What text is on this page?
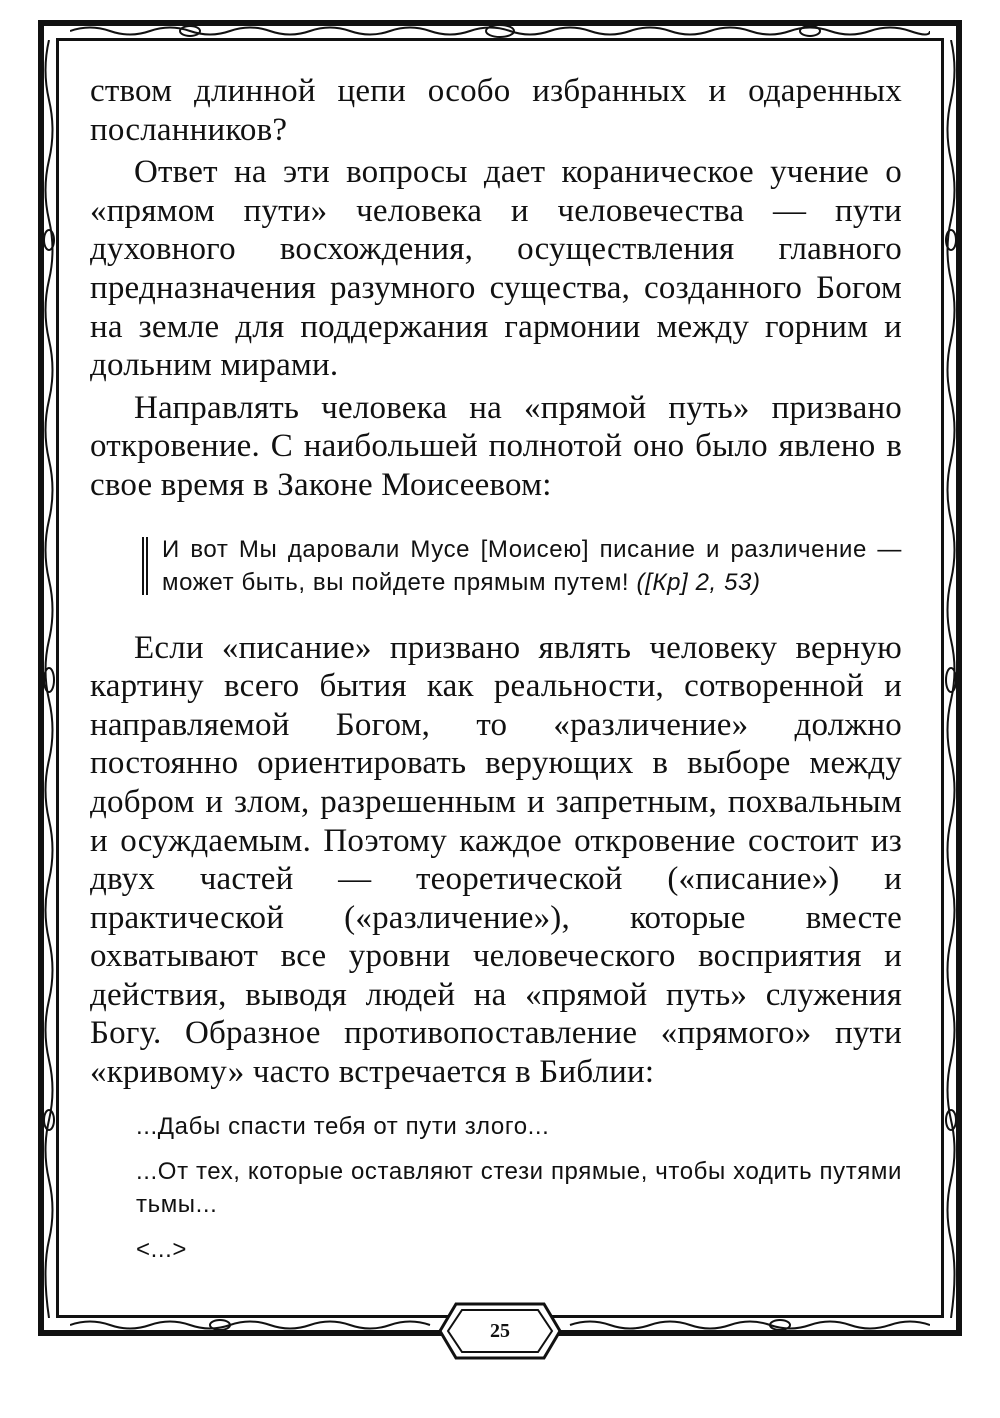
25

ством длинной цепи особо избранных и одаренных посланников?

Ответ на эти вопросы дает кораническое учение о «прямом пути» человека и человечества — пути духовного восхождения, осуществления главного предназначения разумного существа, созданного Богом на земле для поддержания гармонии между горним и дольним мирами.

Направлять человека на «прямой путь» призвано откровение. С наибольшей полнотой оно было явлено в свое время в Законе Моисеевом:

И вот Мы даровали Мусе [Моисею] писание и различение — может быть, вы пойдете прямым путем! ([Кр] 2, 53)

Если «писание» призвано являть человеку верную картину всего бытия как реальности, сотворенной и направляемой Богом, то «различение» должно постоянно ориентировать верующих в выборе между добром и злом, разрешенным и запретным, похвальным и осуждаемым. Поэтому каждое откровение состоит из двух частей — теоретической («писание») и практической («различение»), которые вместе охватывают все уровни человеческого восприятия и действия, выводя людей на «прямой путь» служения Богу. Образное противопоставление «прямого» пути «кривому» часто встречается в Библии:

...Дабы спасти тебя от пути злого...

...От тех, которые оставляют стези прямые, чтобы ходить путями тьмы...

<...>
